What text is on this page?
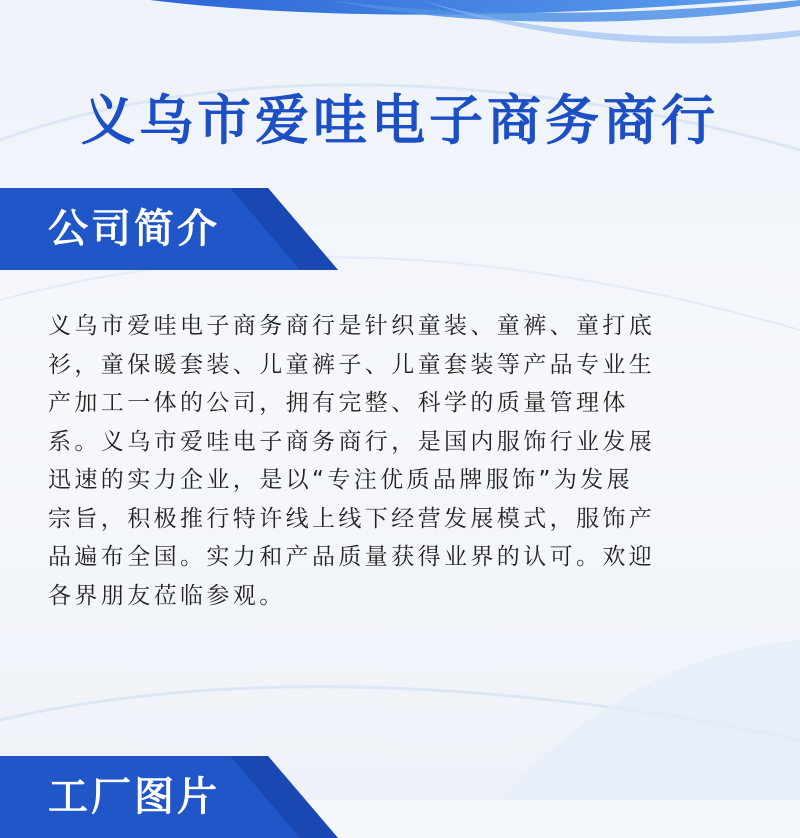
义乌市爱哇电子商务商行
公司简介

义乌市爱哇电子商务商行是针织童装、童裤、童打底
衫，童保暖套装、儿童裤子、儿童套装等产品专业生
产加工一体的公司，拥有完整、科学的质量管理体
系。义乌市爱哇电子商务商行，是国内服饰行业发展
迅速的实力企业，是以“专注优质品牌服饰”为发展
宗旨，积极推行特许线上线下经营发展模式，服饰产
品遍布全国。实力和产品质量获得业界的认可。欢迎
各界朋友莅临参观。

工厂图片
